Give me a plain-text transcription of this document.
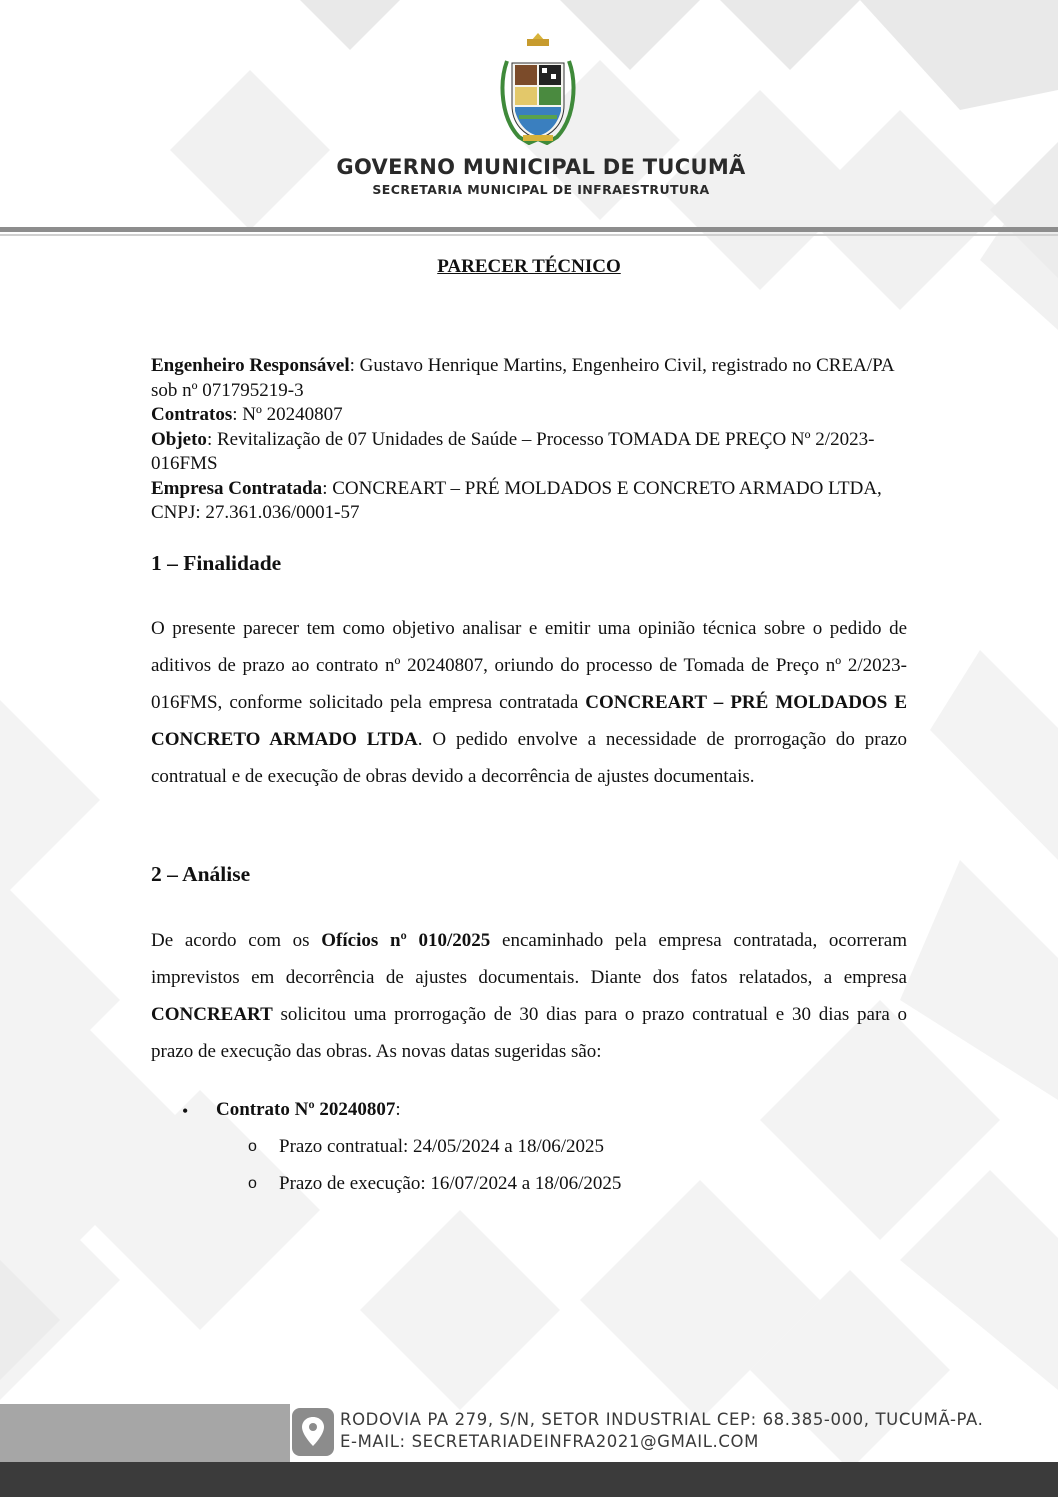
GOVERNO MUNICIPAL DE TUCUMÃ
SECRETARIA MUNICIPAL DE INFRAESTRUTURA
PARECER TÉCNICO

Engenheiro Responsável: Gustavo Henrique Martins, Engenheiro Civil, registrado no CREA/PA sob nº 071795219-3

Contratos: Nº 20240807

Objeto: Revitalização de 07 Unidades de Saúde – Processo TOMADA DE PREÇO Nº 2/2023-016FMS

Empresa Contratada: CONCREART – PRÉ MOLDADOS E CONCRETO ARMADO LTDA, CNPJ: 27.361.036/0001-57

1 – Finalidade

O presente parecer tem como objetivo analisar e emitir uma opinião técnica sobre o pedido de aditivos de prazo ao contrato nº 20240807, oriundo do processo de Tomada de Preço nº 2/2023-016FMS, conforme solicitado pela empresa contratada CONCREART – PRÉ MOLDADOS E CONCRETO ARMADO LTDA. O pedido envolve a necessidade de prorrogação do prazo contratual e de execução de obras devido a decorrência de ajustes documentais.

2 – Análise

De acordo com os Ofícios nº 010/2025 encaminhado pela empresa contratada, ocorreram imprevistos em decorrência de ajustes documentais. Diante dos fatos relatados, a empresa CONCREART solicitou uma prorrogação de 30 dias para o prazo contratual e 30 dias para o prazo de execução das obras. As novas datas sugeridas são:

• Contrato Nº 20240807:
o Prazo contratual: 24/05/2024 a 18/06/2025
o Prazo de execução: 16/07/2024 a 18/06/2025
RODOVIA PA 279, S/N, SETOR INDUSTRIAL CEP: 68.385-000, TUCUMÃ-PA.
E-MAIL: SECRETARIADEINFRA2021@GMAIL.COM
